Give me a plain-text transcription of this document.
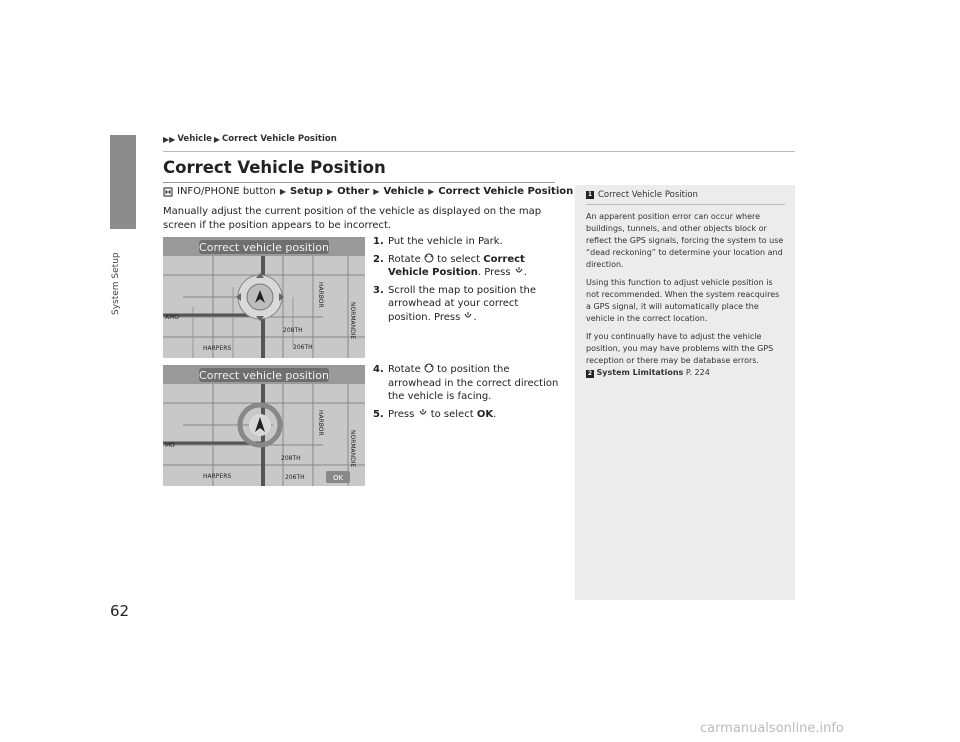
System Setup
▶▶ Vehicle ▶ Correct Vehicle Position
Correct Vehicle Position
INFO/PHONE button ▶ Setup ▶ Other ▶ Vehicle ▶ Correct Vehicle Position
Manually adjust the current position of the vehicle as displayed on the map screen if the position appears to be incorrect.
Correct vehicle position
208TH
206TH
HARPERS
AMO
HARBOR
NORMANDIE
Correct vehicle position
208TH
206TH
HARPERS
MO
OK
HARBOR
NORMANDIE
1. Put the vehicle in Park.
2. Rotate to select Correct Vehicle Position. Press .
3. Scroll the map to position the arrowhead at your correct position. Press .
4. Rotate to position the arrowhead in the correct direction the vehicle is facing.
5. Press to select OK.
1 Correct Vehicle Position
An apparent position error can occur where buildings, tunnels, and other objects block or reflect the GPS signals, forcing the system to use “dead reckoning” to determine your location and direction.
Using this function to adjust vehicle position is not recommended. When the system reacquires a GPS signal, it will automatically place the vehicle in the correct location.
If you continually have to adjust the vehicle position, you may have problems with the GPS reception or there may be database errors.
2 System Limitations P. 224
62
carmanualsonline.info
